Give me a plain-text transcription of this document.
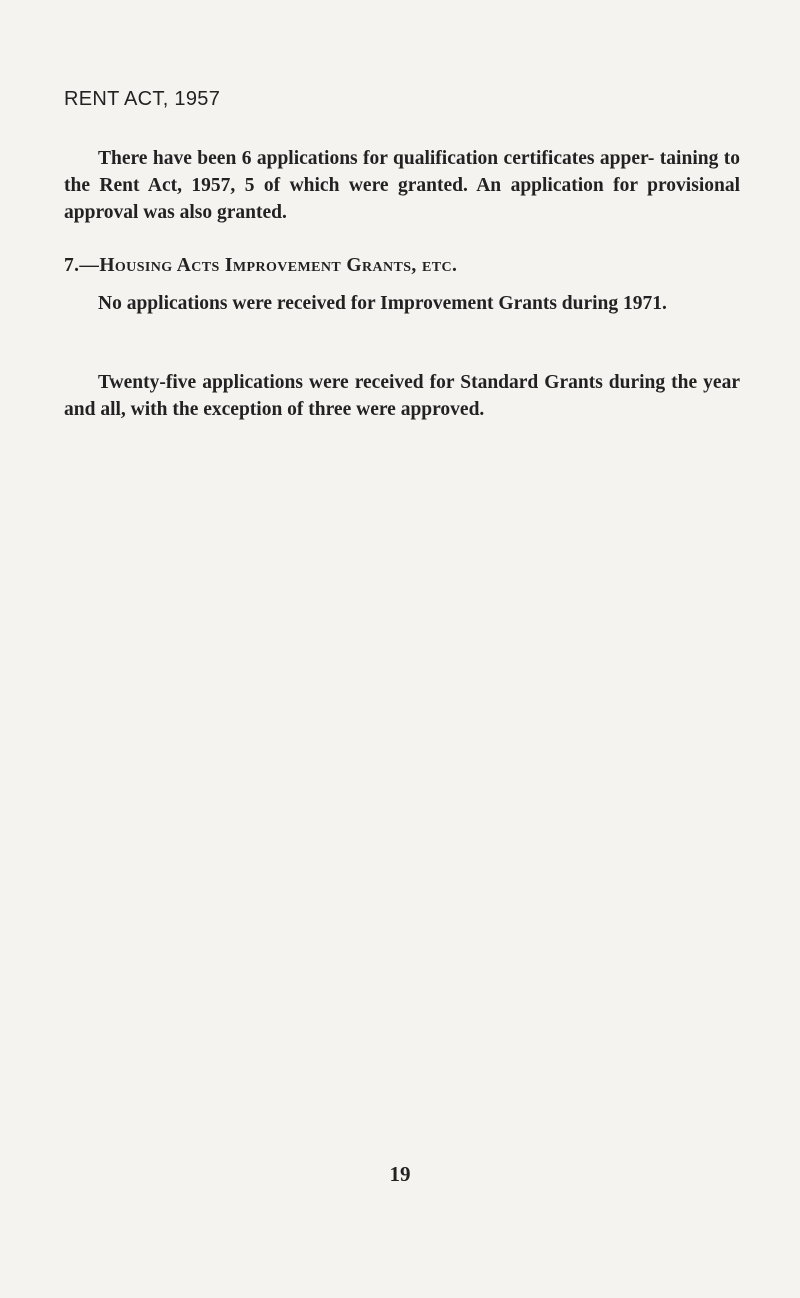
RENT ACT, 1957
There have been 6 applications for qualification certificates apper- taining to the Rent Act, 1957, 5 of which were granted. An application for provisional approval was also granted.
7.—Housing Acts Improvement Grants, etc.
No applications were received for Improvement Grants during 1971.
Twenty-five applications were received for Standard Grants during the year and all, with the exception of three were approved.
19
